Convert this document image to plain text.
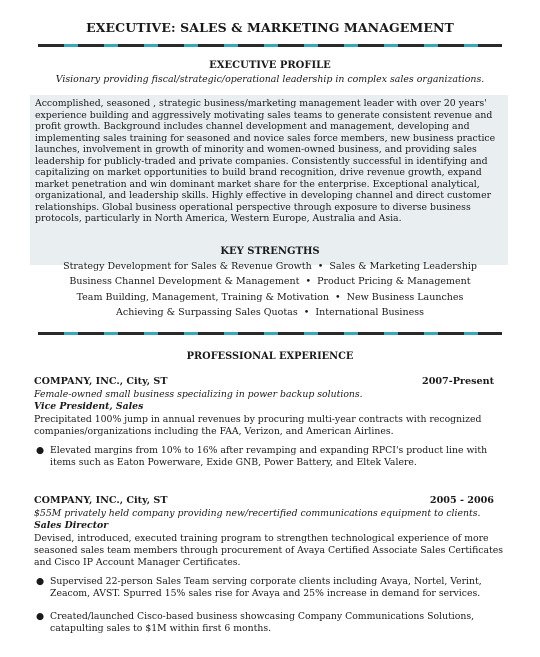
EXECUTIVE: SALES & MARKETING MANAGEMENT
EXECUTIVE PROFILE
Visionary providing fiscal/strategic/operational leadership in complex sales organizations.

Accomplished, seasoned , strategic business/marketing management leader with over 20 years' experience building and aggressively motivating sales teams to generate consistent revenue and profit growth. Background includes channel development and management, developing and implementing sales training for seasoned and novice sales force members, new business practice launches, involvement in growth of minority and women-owned business, and providing sales leadership for publicly-traded and private companies. Consistently successful in identifying and capitalizing on market opportunities to build brand recognition, drive revenue growth, expand market penetration and win dominant market share for the enterprise. Exceptional analytical, organizational, and leadership skills. Highly effective in developing channel and direct customer relationships. Global business operational perspective through exposure to diverse business protocols, particularly in North America, Western Europe, Australia and Asia.

KEY STRENGTHS
Strategy Development for Sales & Revenue Growth • Sales & Marketing Leadership
Business Channel Development & Management • Product Pricing & Management
Team Building, Management, Training & Motivation • New Business Launches
Achieving & Surpassing Sales Quotas • International Business
PROFESSIONAL EXPERIENCE
COMPANY, INC., City, ST	2007-Present
Female-owned small business specializing in power backup solutions.
Vice President, Sales
Precipitated 100% jump in annual revenues by procuring multi-year contracts with recognized
companies/organizations including the FAA, Verizon, and American Airlines.
● Elevated margins from 10% to 16% after revamping and expanding RPCI's product line with
items such as Eaton Powerware, Exide GNB, Power Battery, and Eltek Valere.
COMPANY, INC., City, ST	2005 - 2006
$55M privately held company providing new/recertified communications equipment to clients.
Sales Director
Devised, introduced, executed training program to strengthen technological experience of more
seasoned sales team members through procurement of Avaya Certified Associate Sales Certificates
and Cisco IP Account Manager Certificates.
● Supervised 22-person Sales Team serving corporate clients including Avaya, Nortel, Verint,
Zeacom, AVST. Spurred 15% sales rise for Avaya and 25% increase in demand for services.
● Created/launched Cisco-based business showcasing Company Communications Solutions,
catapulting sales to $1M within first 6 months.
